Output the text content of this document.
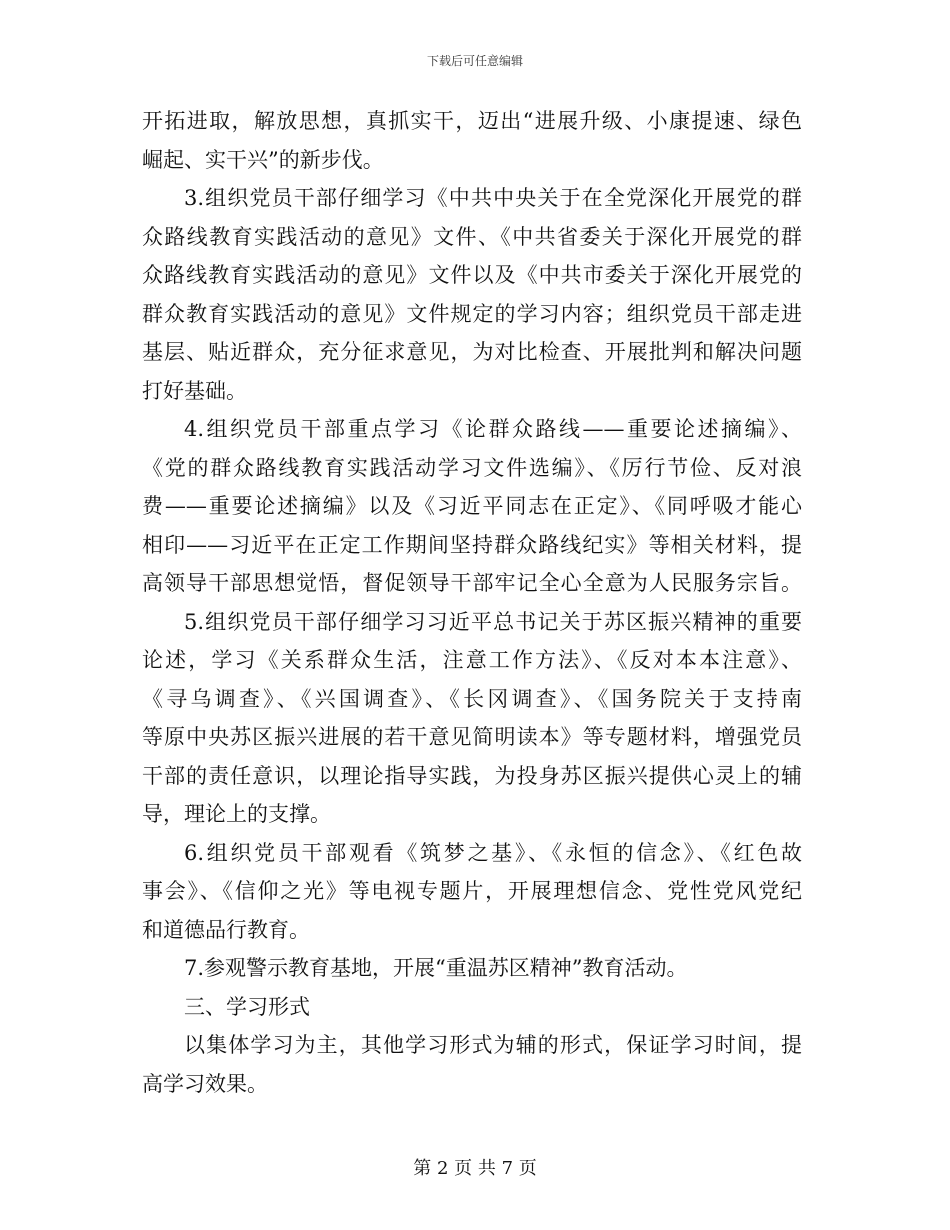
下载后可任意编辑
开拓进取，解放思想，真抓实干，迈出“进展升级、小康提速、绿色
崛起、实干兴”的新步伐。
3.组织党员干部仔细学习《中共中央关于在全党深化开展党的群
众路线教育实践活动的意见》文件、《中共省委关于深化开展党的群
众路线教育实践活动的意见》文件以及《中共市委关于深化开展党的
群众教育实践活动的意见》文件规定的学习内容；组织党员干部走进
基层、贴近群众，充分征求意见，为对比检查、开展批判和解决问题
打好基础。
4.组织党员干部重点学习《论群众路线——重要论述摘编》、
《党的群众路线教育实践活动学习文件选编》、《厉行节俭、反对浪
费——重要论述摘编》以及《习近平同志在正定》、《同呼吸才能心
相印——习近平在正定工作期间坚持群众路线纪实》等相关材料，提
高领导干部思想觉悟，督促领导干部牢记全心全意为人民服务宗旨。
5.组织党员干部仔细学习习近平总书记关于苏区振兴精神的重要
论述，学习《关系群众生活，注意工作方法》、《反对本本注意》、
《寻乌调查》、《兴国调查》、《长冈调查》、《国务院关于支持南
等原中央苏区振兴进展的若干意见简明读本》等专题材料，增强党员
干部的责任意识，以理论指导实践，为投身苏区振兴提供心灵上的辅
导，理论上的支撑。
6.组织党员干部观看《筑梦之基》、《永恒的信念》、《红色故
事会》、《信仰之光》等电视专题片，开展理想信念、党性党风党纪
和道德品行教育。
7.参观警示教育基地，开展“重温苏区精神”教育活动。
三、学习形式
以集体学习为主，其他学习形式为辅的形式，保证学习时间，提
高学习效果。
第 2 页 共 7 页
